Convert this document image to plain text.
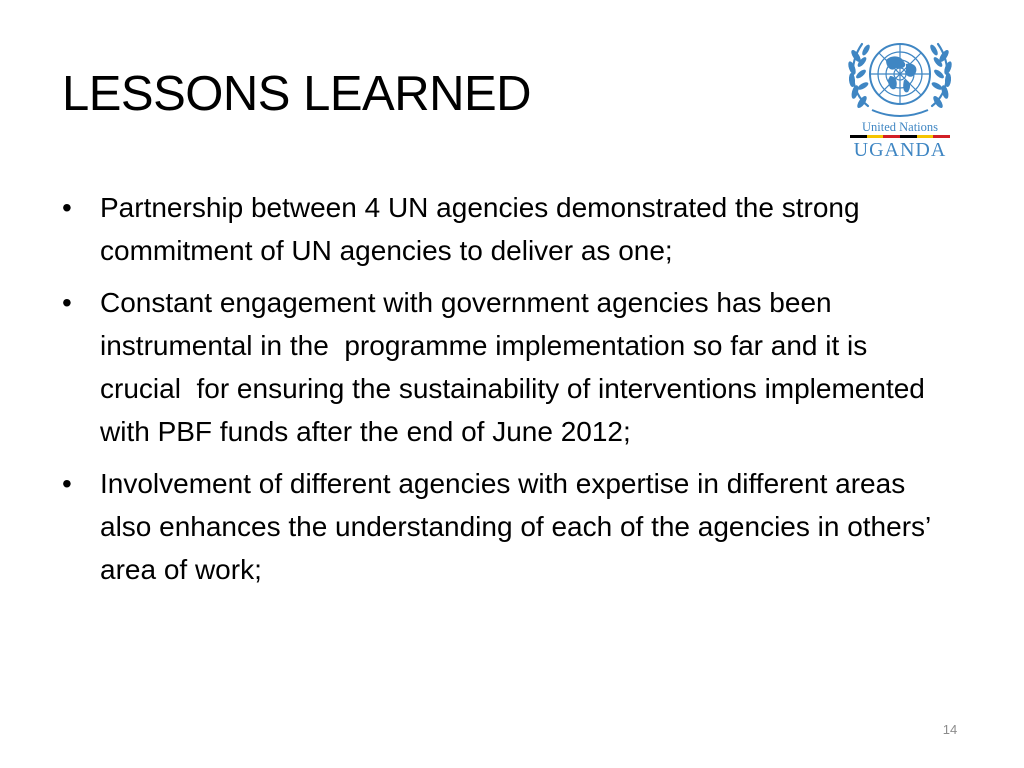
LESSONS LEARNED
United Nations
UGANDA
•	Partnership between 4 UN agencies demonstrated the strong commitment of UN agencies to deliver as one;
•	Constant engagement with government agencies has been instrumental in the  programme implementation so far and it is  crucial  for ensuring the sustainability of interventions implemented with PBF funds after the end of June 2012;
•	Involvement of different agencies with expertise in different areas also enhances the understanding of each of the agencies in others’ area of work;
14
